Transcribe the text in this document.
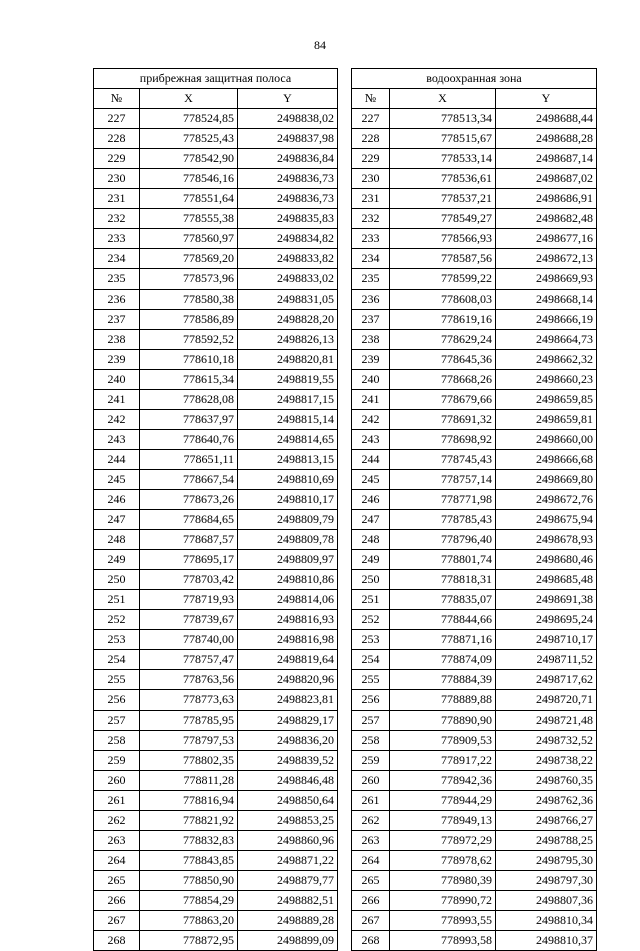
84
прибрежная защитная полоса		
№	X	Y
227	778524,85	2498838,02
228	778525,43	2498837,98
229	778542,90	2498836,84
230	778546,16	2498836,73
231	778551,64	2498836,73
232	778555,38	2498835,83
233	778560,97	2498834,82
234	778569,20	2498833,82
235	778573,96	2498833,02
236	778580,38	2498831,05
237	778586,89	2498828,20
238	778592,52	2498826,13
239	778610,18	2498820,81
240	778615,34	2498819,55
241	778628,08	2498817,15
242	778637,97	2498815,14
243	778640,76	2498814,65
244	778651,11	2498813,15
245	778667,54	2498810,69
246	778673,26	2498810,17
247	778684,65	2498809,79
248	778687,57	2498809,78
249	778695,17	2498809,97
250	778703,42	2498810,86
251	778719,93	2498814,06
252	778739,67	2498816,93
253	778740,00	2498816,98
254	778757,47	2498819,64
255	778763,56	2498820,96
256	778773,63	2498823,81
257	778785,95	2498829,17
258	778797,53	2498836,20
259	778802,35	2498839,52
260	778811,28	2498846,48
261	778816,94	2498850,64
262	778821,92	2498853,25
263	778832,83	2498860,96
264	778843,85	2498871,22
265	778850,90	2498879,77
266	778854,29	2498882,51
267	778863,20	2498889,28
268	778872,95	2498899,09
водоохранная зона		
№	X	Y
227	778513,34	2498688,44
228	778515,67	2498688,28
229	778533,14	2498687,14
230	778536,61	2498687,02
231	778537,21	2498686,91
232	778549,27	2498682,48
233	778566,93	2498677,16
234	778587,56	2498672,13
235	778599,22	2498669,93
236	778608,03	2498668,14
237	778619,16	2498666,19
238	778629,24	2498664,73
239	778645,36	2498662,32
240	778668,26	2498660,23
241	778679,66	2498659,85
242	778691,32	2498659,81
243	778698,92	2498660,00
244	778745,43	2498666,68
245	778757,14	2498669,80
246	778771,98	2498672,76
247	778785,43	2498675,94
248	778796,40	2498678,93
249	778801,74	2498680,46
250	778818,31	2498685,48
251	778835,07	2498691,38
252	778844,66	2498695,24
253	778871,16	2498710,17
254	778874,09	2498711,52
255	778884,39	2498717,62
256	778889,88	2498720,71
257	778890,90	2498721,48
258	778909,53	2498732,52
259	778917,22	2498738,22
260	778942,36	2498760,35
261	778944,29	2498762,36
262	778949,13	2498766,27
263	778972,29	2498788,25
264	778978,62	2498795,30
265	778980,39	2498797,30
266	778990,72	2498807,36
267	778993,55	2498810,34
268	778993,58	2498810,37
